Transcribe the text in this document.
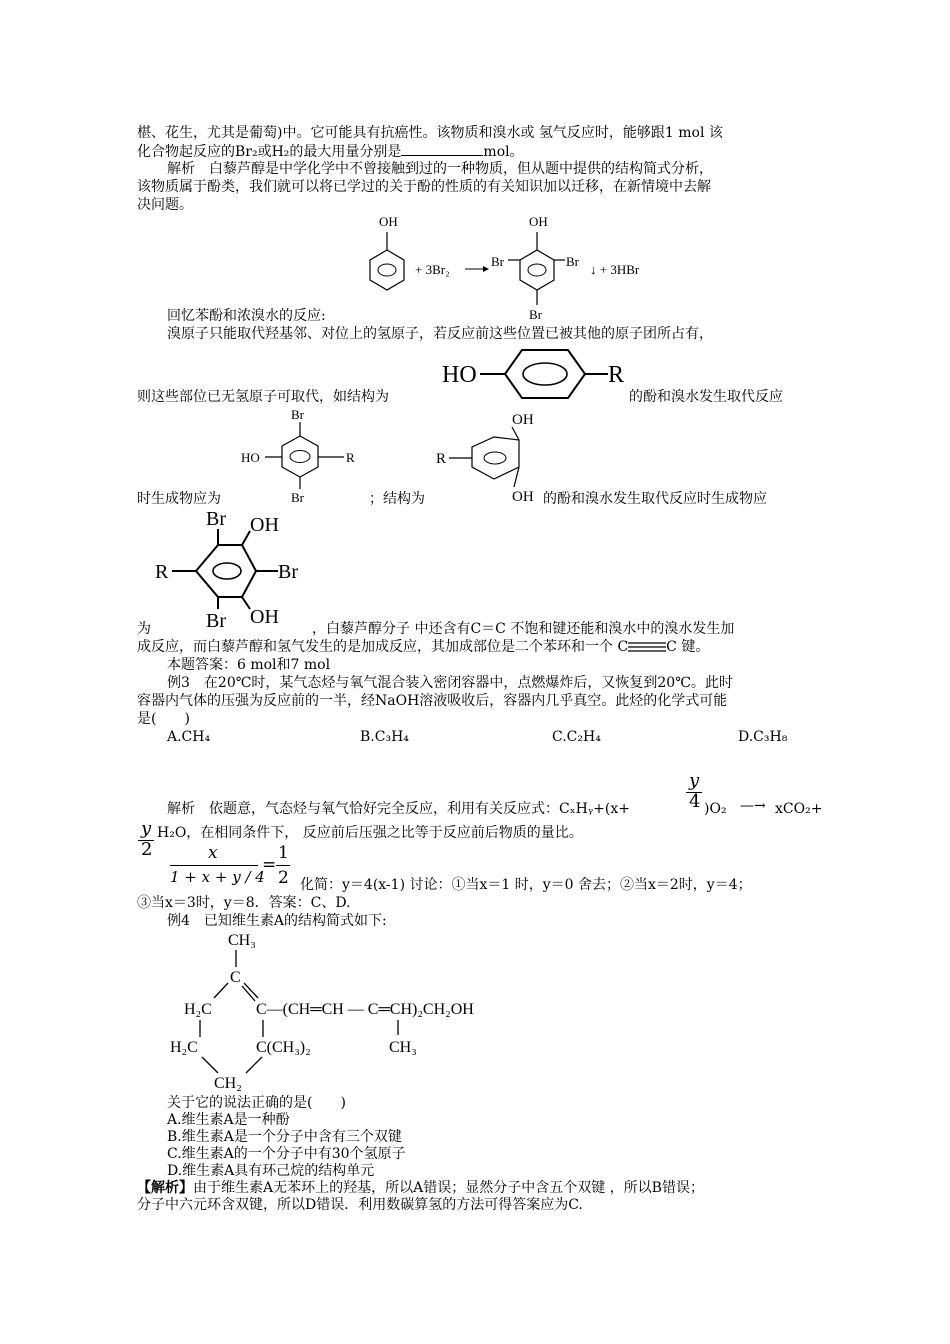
椹、花生，尤其是葡萄)中。它可能具有抗癌性。该物质和溴水或 氢气反应时，能够跟1 mol 该
化合物起反应的Br₂或H₂的最大用量分别是	mol。
解析　白藜芦醇是中学化学中不曾接触到过的一种物质，但从题中提供的结构简式分析，
该物质属于酚类，我们就可以将已学过的关于酚的性质的有关知识加以迁移，在新情境中去解
决问题。
OH
+ 3Br₂
OH
Br	Br
Br
↓ + 3HBr
回忆苯酚和浓溴水的反应:
溴原子只能取代羟基邻、对位上的氢原子，若反应前这些位置已被其他的原子团所占有，
HO	R
则这些部位已无氢原子可取代，如结构为	的酚和溴水发生取代反应
Br
HO	R
Br
OH
R
OH
时生成物应为	；结构为	的酚和溴水发生取代反应时生成物应
Br OH
R	Br
Br OH
为	，白藜芦醇分子 中还含有C＝C 不饱和键还能和溴水中的溴水发生加
成反应，而白藜芦醇和氢气发生的是加成反应，其加成部位是二个苯环和一个 C	C 键。
本题答案：6 mol和7 mol
例3　在20℃时，某气态烃与氧气混合装入密闭容器中，点燃爆炸后，又恢复到20℃。此时
容器内气体的压强为反应前的一半，经NaOH溶液吸收后，容器内几乎真空。此烃的化学式可能
是(　　)
A.CH₄	B.C₃H₄	C.C₂H₄	D.C₃H₈
y
4
解析　依题意，气态烃与氧气恰好完全反应，利用有关反应式：CₓHᵧ+(x+	)O₂ —→ xCO₂+
y
2
H₂O，在相同条件下， 反应前后压强之比等于反应前后物质的量比。
x
1 + x + y / 4
=
1
2 化简：y＝4(x-1) 讨论：①当x＝1 时，y＝0 舍去；②当x＝2时，y＝4；
③当x＝3时，y＝8．答案：C、D.
例4　已知维生素A的结构简式如下:
CH₃
C
H₂C	C—(CH═CH — C═CH)₂CH₂OH
CH₃
H₂C	C(CH₃)₂
CH₂
关于它的说法正确的是(　　)
A.维生素A是一种酚
B.维生素A是一个分子中含有三个双键
C.维生素A的一个分子中有30个氢原子
D.维生素A具有环己烷的结构单元
【解析】由于维生素A无苯环上的羟基，所以A错误；显然分子中含五个双键 ，所以B错误；
分子中六元环含双键，所以D错误．利用数碳算氢的方法可得答案应为C.
